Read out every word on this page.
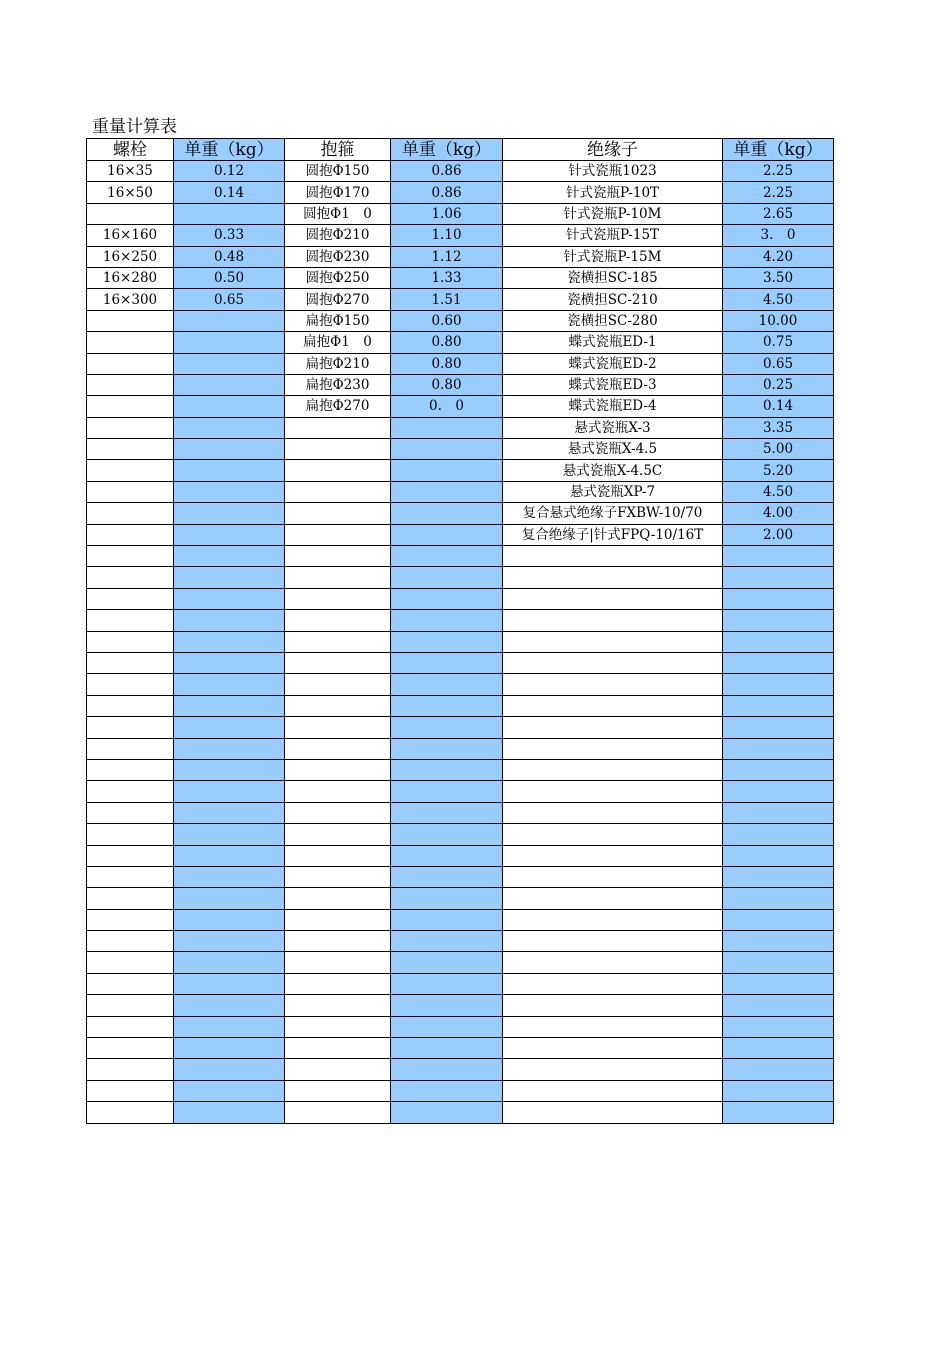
重量计算表
螺栓	单重（kg）	抱箍	单重（kg）	绝缘子	单重（kg）
16×35	0.12	圆抱Φ150	0.86	针式瓷瓶1023	2.25
16×50	0.14	圆抱Φ170	0.86	针式瓷瓶P-10T	2.25
		圆抱Φ1　0	1.06	针式瓷瓶P-10M	2.65
16×160	0.33	圆抱Φ210	1.10	针式瓷瓶P-15T	3.　0
16×250	0.48	圆抱Φ230	1.12	针式瓷瓶P-15M	4.20
16×280	0.50	圆抱Φ250	1.33	瓷横担SC-185	3.50
16×300	0.65	圆抱Φ270	1.51	瓷横担SC-210	4.50
		扁抱Φ150	0.60	瓷横担SC-280	10.00
		扁抱Φ1　0	0.80	蝶式瓷瓶ED-1	0.75
		扁抱Φ210	0.80	蝶式瓷瓶ED-2	0.65
		扁抱Φ230	0.80	蝶式瓷瓶ED-3	0.25
		扁抱Φ270	0.　0	蝶式瓷瓶ED-4	0.14
				悬式瓷瓶X-3	3.35
				悬式瓷瓶X-4.5	5.00
				悬式瓷瓶X-4.5C	5.20
				悬式瓷瓶XP-7	4.50
				复合悬式绝缘子FXBW-10/70	4.00
				复合绝缘子|针式FPQ-10/16T	2.00
